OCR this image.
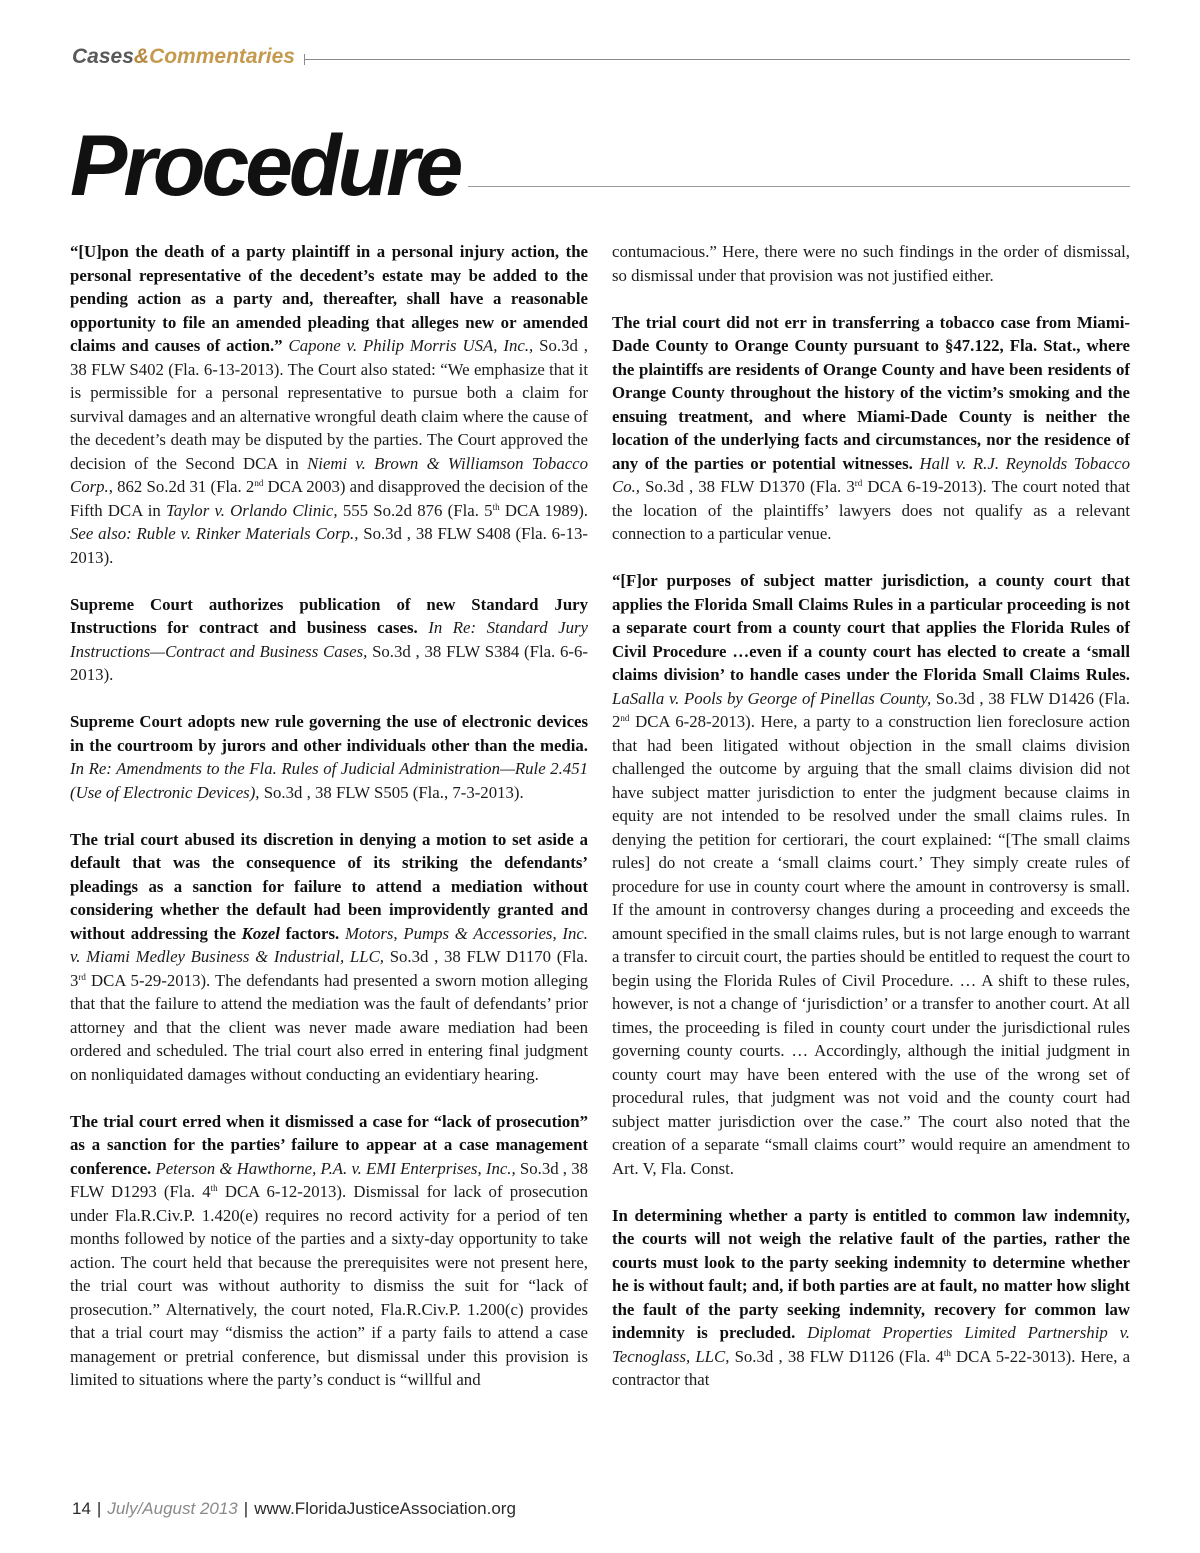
Cases&Commentaries
Procedure

“[U]pon the death of a party plaintiff in a personal injury action, the personal representative of the decedent’s estate may be added to the pending action as a party and, thereafter, shall have a reasonable opportunity to file an amended pleading that alleges new or amended claims and causes of action.” Capone v. Philip Morris USA, Inc., So.3d , 38 FLW S402 (Fla. 6-13-2013). The Court also stated: “We emphasize that it is permissible for a personal representative to pursue both a claim for survival damages and an alternative wrongful death claim where the cause of the decedent’s death may be disputed by the parties. The Court approved the decision of the Second DCA in Niemi v. Brown & Williamson Tobacco Corp., 862 So.2d 31 (Fla. 2nd DCA 2003) and disapproved the decision of the Fifth DCA in Taylor v. Orlando Clinic, 555 So.2d 876 (Fla. 5th DCA 1989). See also: Ruble v. Rinker Materials Corp., So.3d , 38 FLW S408 (Fla. 6-13-2013).

Supreme Court authorizes publication of new Standard Jury Instructions for contract and business cases. In Re: Standard Jury Instructions—Contract and Business Cases, So.3d , 38 FLW S384 (Fla. 6-6-2013).

Supreme Court adopts new rule governing the use of electronic devices in the courtroom by jurors and other individuals other than the media. In Re: Amendments to the Fla. Rules of Judicial Administration—Rule 2.451 (Use of Electronic Devices), So.3d , 38 FLW S505 (Fla., 7-3-2013).

The trial court abused its discretion in denying a motion to set aside a default that was the consequence of its striking the defendants’ pleadings as a sanction for failure to attend a mediation without considering whether the default had been improvidently granted and without addressing the Kozel factors. Motors, Pumps & Accessories, Inc. v. Miami Medley Business & Industrial, LLC, So.3d , 38 FLW D1170 (Fla. 3rd DCA 5-29-2013). The defendants had presented a sworn motion alleging that that the failure to attend the mediation was the fault of defendants’ prior attorney and that the client was never made aware mediation had been ordered and scheduled. The trial court also erred in entering final judgment on nonliquidated damages without conducting an evidentiary hearing.

The trial court erred when it dismissed a case for “lack of prosecution” as a sanction for the parties’ failure to appear at a case management conference. Peterson & Hawthorne, P.A. v. EMI Enterprises, Inc., So.3d , 38 FLW D1293 (Fla. 4th DCA 6-12-2013). Dismissal for lack of prosecution under Fla.R.Civ.P. 1.420(e) requires no record activity for a period of ten months followed by notice of the parties and a sixty-day opportunity to take action. The court held that because the prerequisites were not present here, the trial court was without authority to dismiss the suit for “lack of prosecution.” Alternatively, the court noted, Fla.R.Civ.P. 1.200(c) provides that a trial court may “dismiss the action” if a party fails to attend a case management or pretrial conference, but dismissal under this provision is limited to situations where the party’s conduct is “willful and

contumacious.” Here, there were no such findings in the order of dismissal, so dismissal under that provision was not justified either.

The trial court did not err in transferring a tobacco case from Miami-Dade County to Orange County pursuant to §47.122, Fla. Stat., where the plaintiffs are residents of Orange County and have been residents of Orange County throughout the history of the victim’s smoking and the ensuing treatment, and where Miami-Dade County is neither the location of the underlying facts and circumstances, nor the residence of any of the parties or potential witnesses. Hall v. R.J. Reynolds Tobacco Co., So.3d , 38 FLW D1370 (Fla. 3rd DCA 6-19-2013). The court noted that the location of the plaintiffs’ lawyers does not qualify as a relevant connection to a particular venue.

“[F]or purposes of subject matter jurisdiction, a county court that applies the Florida Small Claims Rules in a particular proceeding is not a separate court from a county court that applies the Florida Rules of Civil Procedure …even if a county court has elected to create a ‘small claims division’ to handle cases under the Florida Small Claims Rules. LaSalla v. Pools by George of Pinellas County, So.3d , 38 FLW D1426 (Fla. 2nd DCA 6-28-2013). Here, a party to a construction lien foreclosure action that had been litigated without objection in the small claims division challenged the outcome by arguing that the small claims division did not have subject matter jurisdiction to enter the judgment because claims in equity are not intended to be resolved under the small claims rules. In denying the petition for certiorari, the court explained: “[The small claims rules] do not create a ‘small claims court.’ They simply create rules of procedure for use in county court where the amount in controversy is small. If the amount in controversy changes during a proceeding and exceeds the amount specified in the small claims rules, but is not large enough to warrant a transfer to circuit court, the parties should be entitled to request the court to begin using the Florida Rules of Civil Procedure. … A shift to these rules, however, is not a change of ‘jurisdiction’ or a transfer to another court. At all times, the proceeding is filed in county court under the jurisdictional rules governing county courts. … Accordingly, although the initial judgment in county court may have been entered with the use of the wrong set of procedural rules, that judgment was not void and the county court had subject matter jurisdiction over the case.” The court also noted that the creation of a separate “small claims court” would require an amendment to Art. V, Fla. Const.

In determining whether a party is entitled to common law indemnity, the courts will not weigh the relative fault of the parties, rather the courts must look to the party seeking indemnity to determine whether he is without fault; and, if both parties are at fault, no matter how slight the fault of the party seeking indemnity, recovery for common law indemnity is precluded. Diplomat Properties Limited Partnership v. Tecnoglass, LLC, So.3d , 38 FLW D1126 (Fla. 4th DCA 5-22-3013). Here, a contractor that

14 | July/August 2013 | www.FloridaJusticeAssociation.org
